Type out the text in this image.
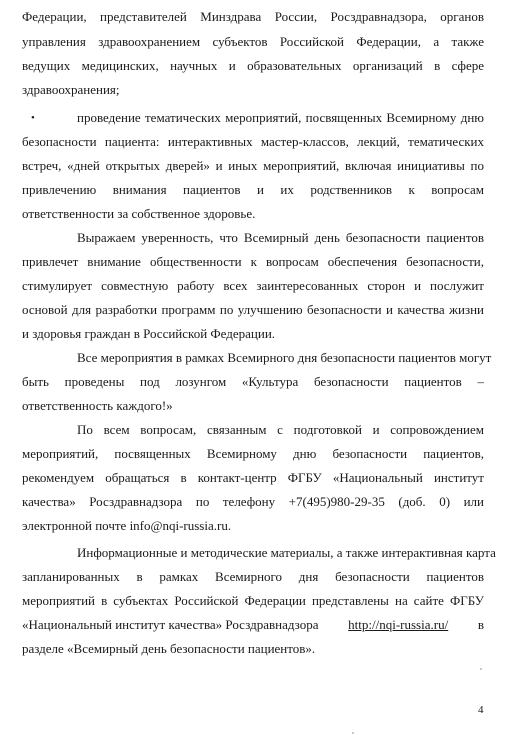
Федерации, представителей Минздрава России, Росздравнадзора, органов
управления здравоохранением субъектов Российской Федерации, а также
ведущих медицинских, научных и образовательных организаций в сфере
здравоохранения;
•	проведение тематических мероприятий, посвященных Всемирному дню
безопасности пациента: интерактивных мастер-классов, лекций, тематических
встреч, «дней открытых дверей» и иных мероприятий, включая инициативы по
привлечению внимания пациентов и их родственников к вопросам
ответственности за собственное здоровье.
Выражаем уверенность, что Всемирный день безопасности пациентов
привлечет внимание общественности к вопросам обеспечения безопасности,
стимулирует совместную работу всех заинтересованных сторон и послужит
основой для разработки программ по улучшению безопасности и качества жизни
и здоровья граждан в Российской Федерации.
Все мероприятия в рамках Всемирного дня безопасности пациентов могут
быть проведены под лозунгом «Культура безопасности пациентов –
ответственность каждого!»
По всем вопросам, связанным с подготовкой и сопровождением
мероприятий, посвященных Всемирному дню безопасности пациентов,
рекомендуем обращаться в контакт-центр ФГБУ «Национальный институт
качества» Росздравнадзора по телефону +7(495)980-29-35 (доб. 0) или
электронной почте info@nqi-russia.ru.
Информационные и методические материалы, а также интерактивная карта
запланированных в рамках Всемирного дня безопасности пациентов
мероприятий в субъектах Российской Федерации представлены на сайте ФГБУ
«Национальный институт качества» Росздравнадзора http://nqi-russia.ru/ в
разделе «Всемирный день безопасности пациентов».
4
